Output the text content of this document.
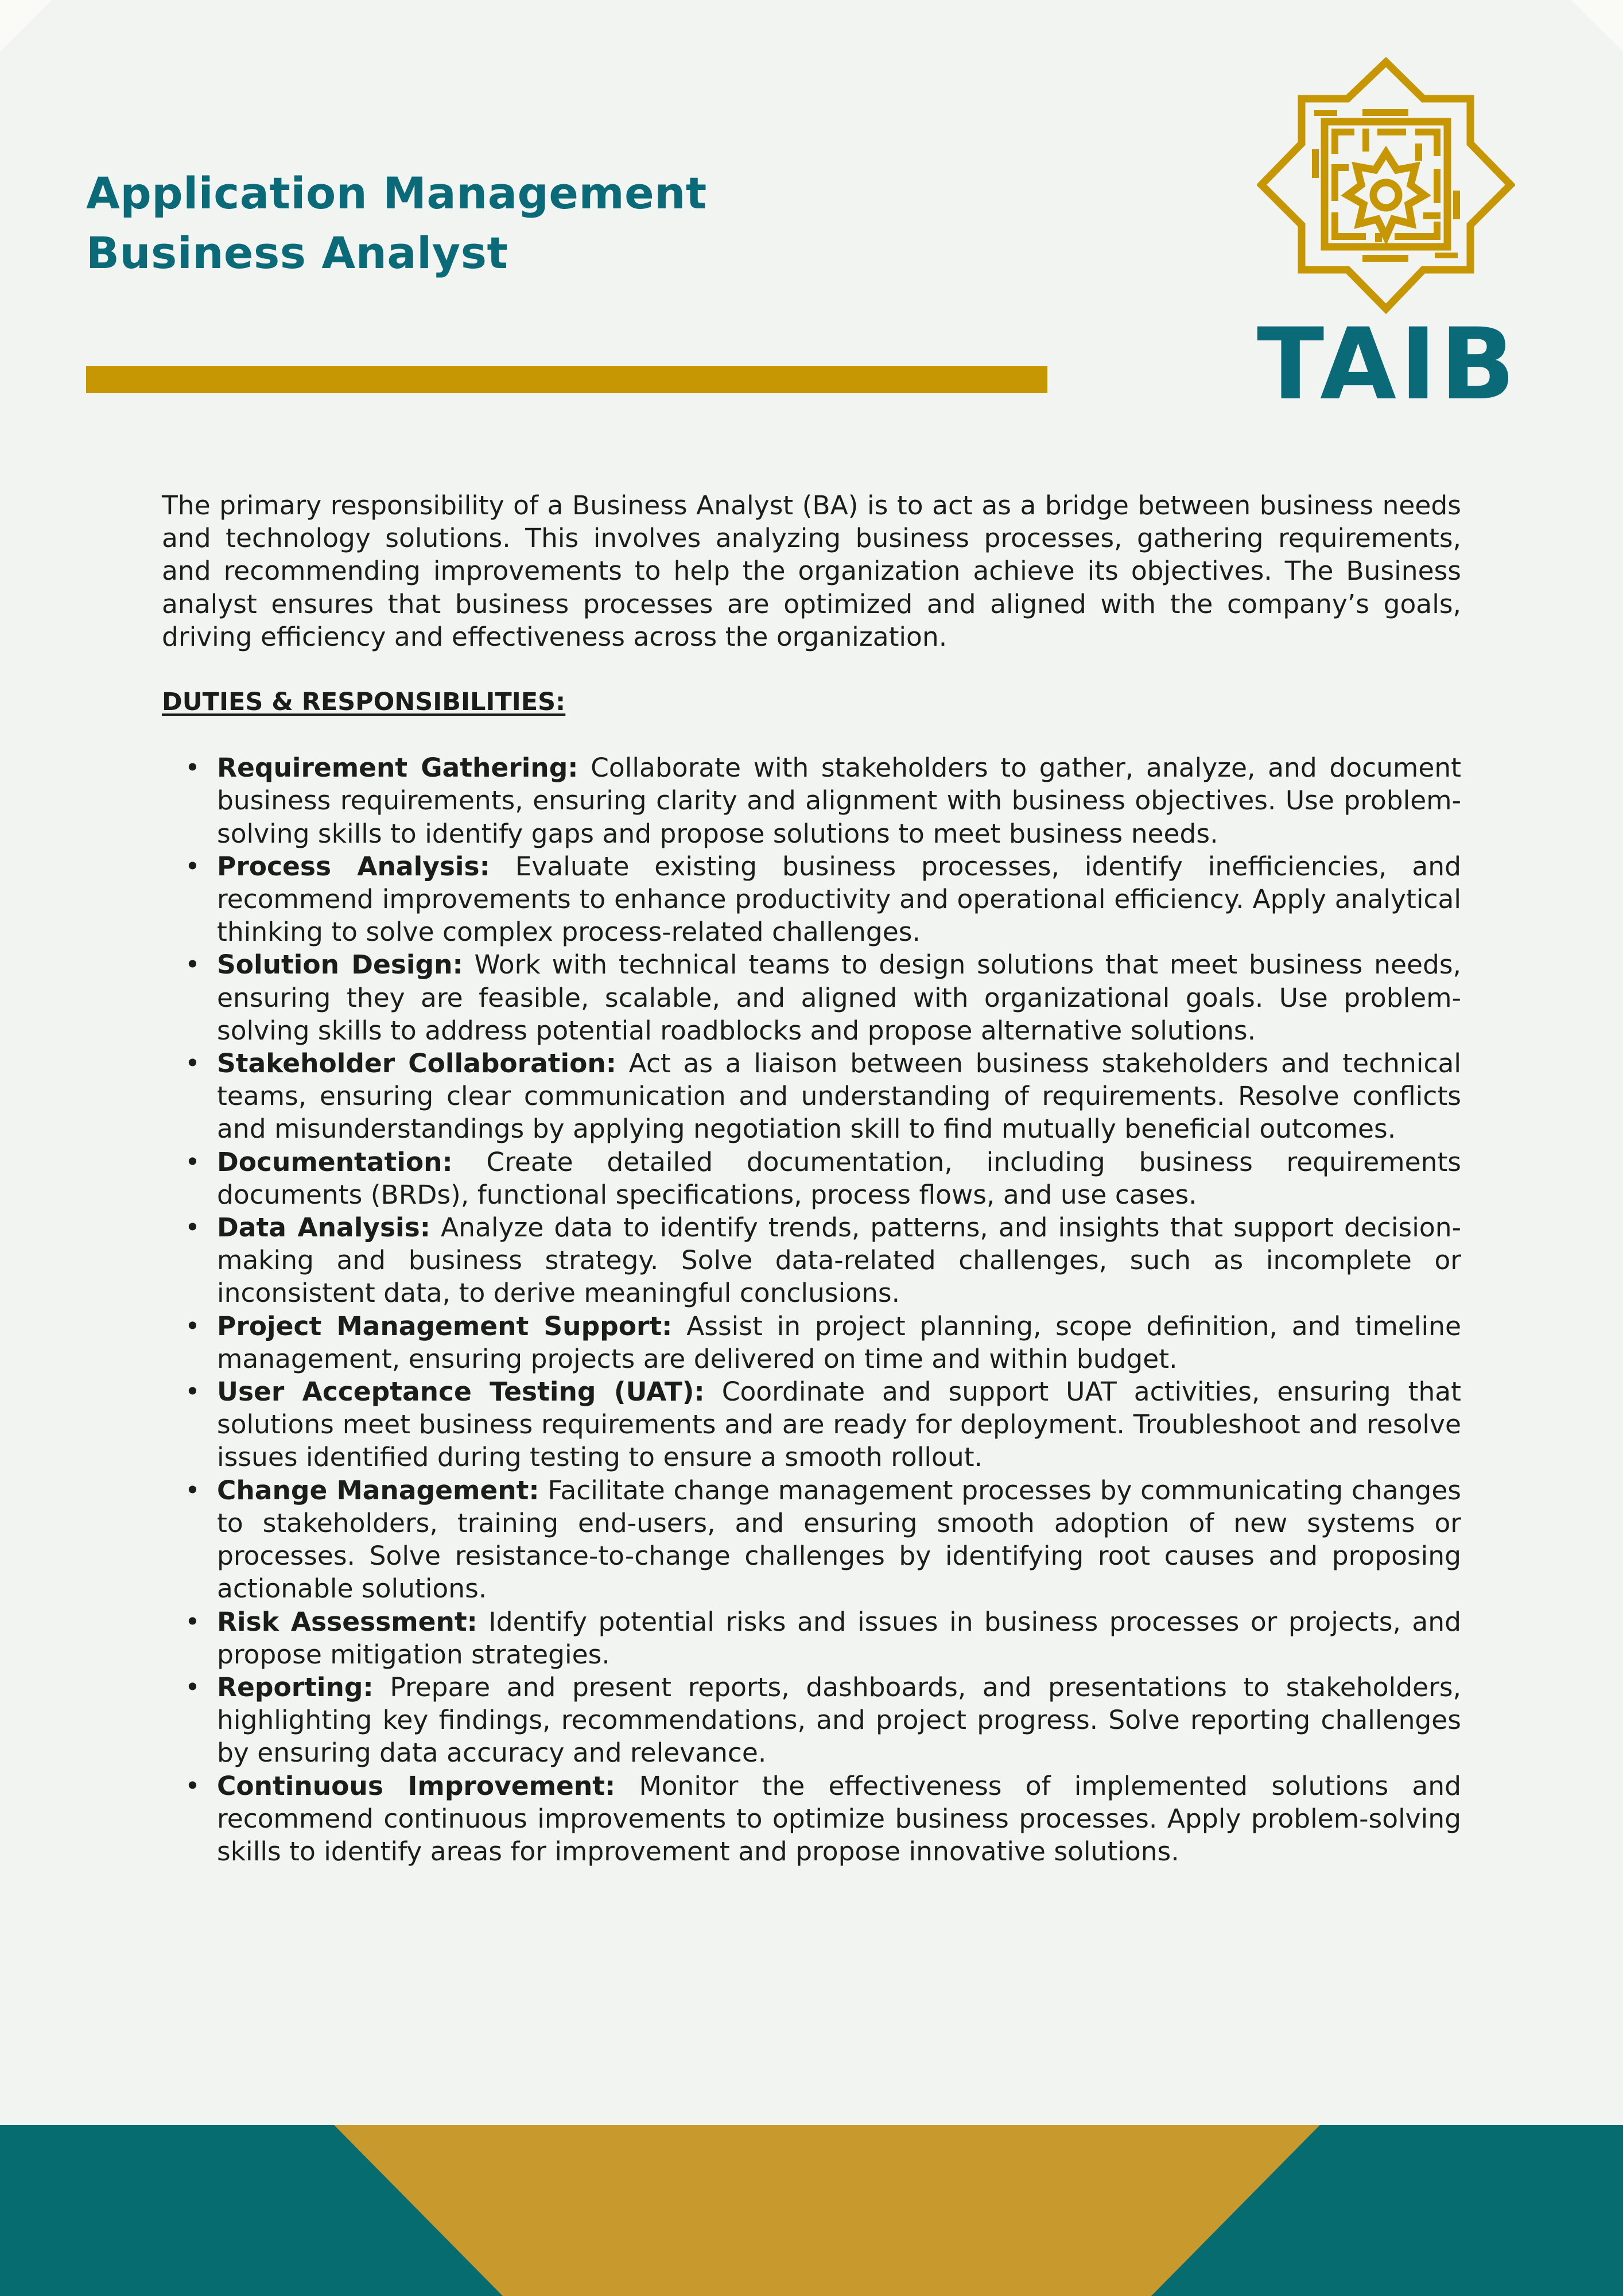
Application Management
Business Analyst
TAIB

The primary responsibility of a Business Analyst (BA) is to act as a bridge between business needs and technology solutions. This involves analyzing business processes, gathering requirements, and recommending improvements to help the organization achieve its objectives. The Business analyst ensures that business processes are optimized and aligned with the company’s goals, driving efficiency and effectiveness across the organization.

DUTIES & RESPONSIBILITIES:
• Requirement Gathering: Collaborate with stakeholders to gather, analyze, and document business requirements, ensuring clarity and alignment with business objectives. Use problem-solving skills to identify gaps and propose solutions to meet business needs.
• Process Analysis: Evaluate existing business processes, identify inefficiencies, and recommend improvements to enhance productivity and operational efficiency. Apply analytical thinking to solve complex process-related challenges.
• Solution Design: Work with technical teams to design solutions that meet business needs, ensuring they are feasible, scalable, and aligned with organizational goals. Use problem-solving skills to address potential roadblocks and propose alternative solutions.
• Stakeholder Collaboration: Act as a liaison between business stakeholders and technical teams, ensuring clear communication and understanding of requirements. Resolve conflicts and misunderstandings by applying negotiation skill to find mutually beneficial outcomes.
• Documentation: Create detailed documentation, including business requirements documents (BRDs), functional specifications, process flows, and use cases.
• Data Analysis: Analyze data to identify trends, patterns, and insights that support decision-making and business strategy. Solve data-related challenges, such as incomplete or inconsistent data, to derive meaningful conclusions.
• Project Management Support: Assist in project planning, scope definition, and timeline management, ensuring projects are delivered on time and within budget.
• User Acceptance Testing (UAT): Coordinate and support UAT activities, ensuring that solutions meet business requirements and are ready for deployment. Troubleshoot and resolve issues identified during testing to ensure a smooth rollout.
• Change Management: Facilitate change management processes by communicating changes to stakeholders, training end-users, and ensuring smooth adoption of new systems or processes. Solve resistance-to-change challenges by identifying root causes and proposing actionable solutions.
• Risk Assessment: Identify potential risks and issues in business processes or projects, and propose mitigation strategies.
• Reporting: Prepare and present reports, dashboards, and presentations to stakeholders, highlighting key findings, recommendations, and project progress. Solve reporting challenges by ensuring data accuracy and relevance.
• Continuous Improvement: Monitor the effectiveness of implemented solutions and recommend continuous improvements to optimize business processes. Apply problem-solving skills to identify areas for improvement and propose innovative solutions.
